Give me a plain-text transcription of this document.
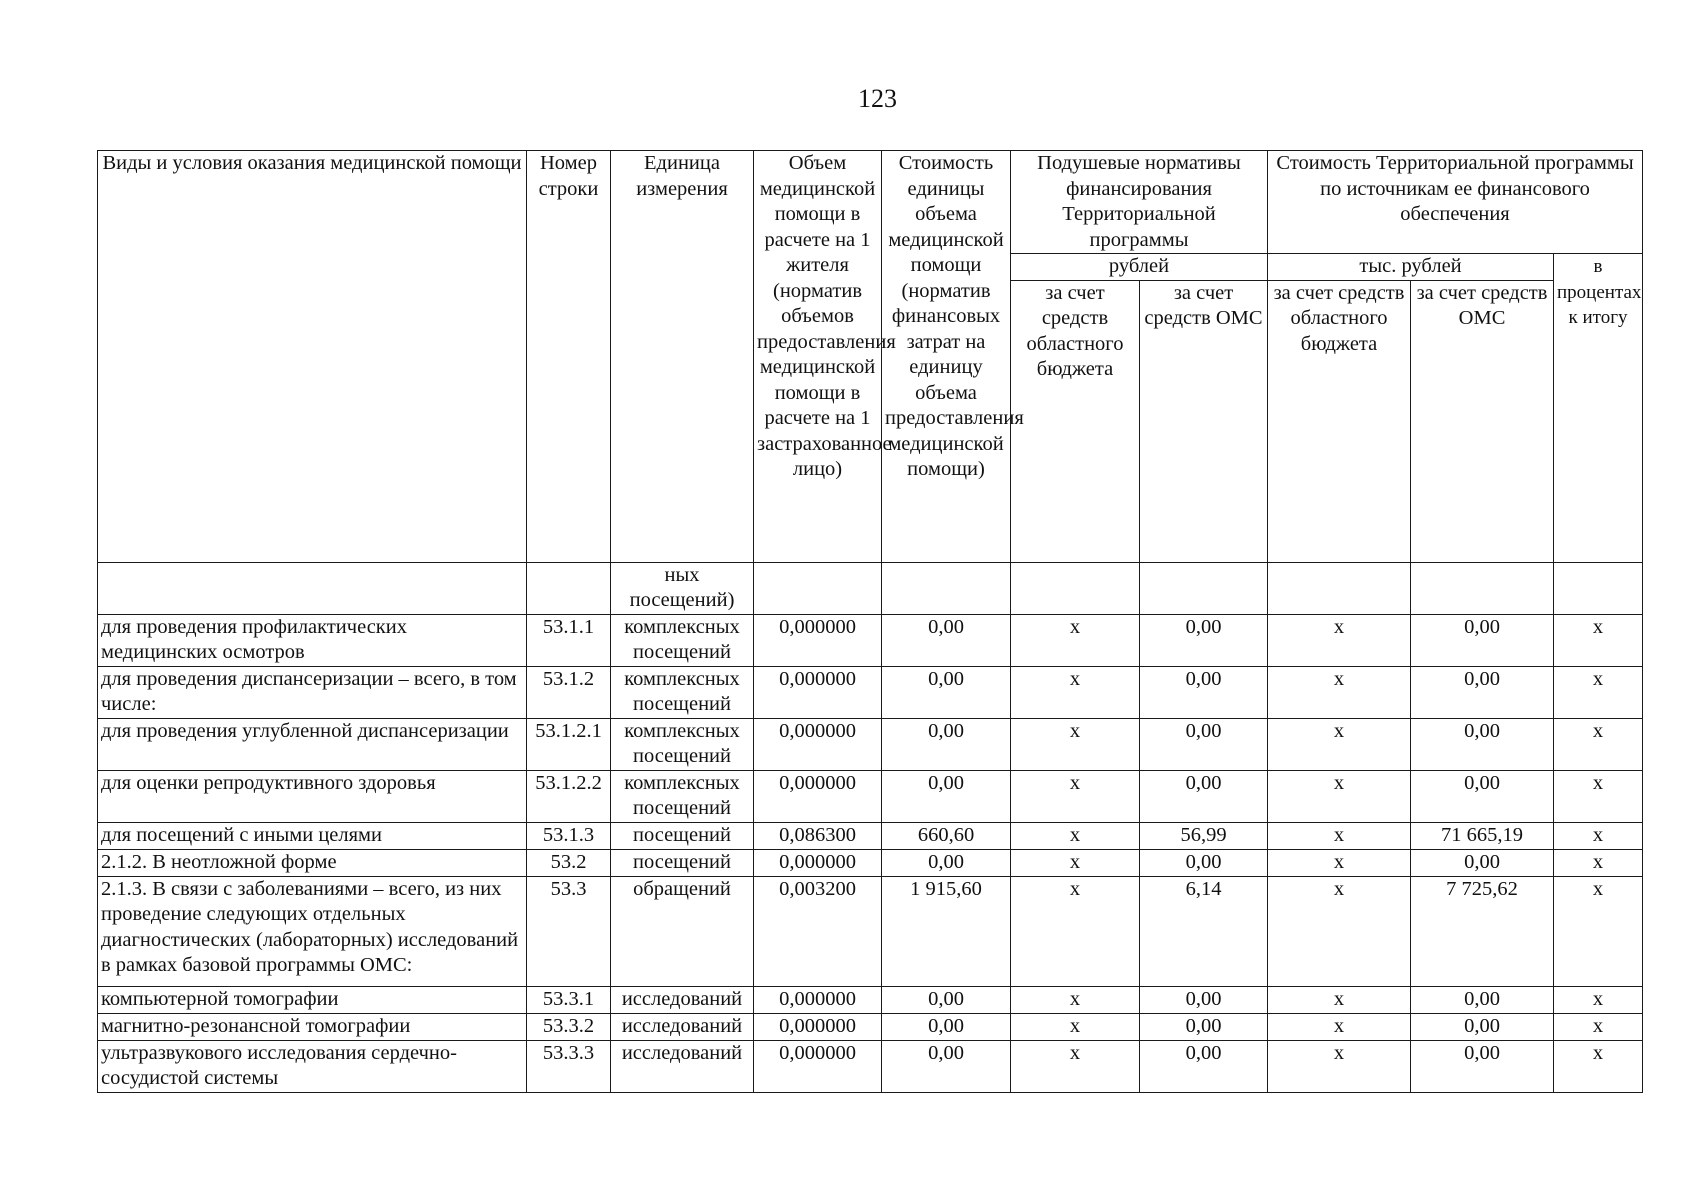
123
Виды и условия оказания медицинской помощи	Номер строки	Единица измерения	Объем медицинской помощи в расчете на 1 жителя (норматив объемов предоставления медицинской помощи в расчете на 1 застрахованное лицо)	Стоимость единицы объема медицинской помощи (норматив финансовых затрат на единицу объема предоставления медицинской помощи)	Подушевые нормативы финансирования Территориальной программы		Стоимость Территориальной программы по источникам ее финансового обеспечения		
					рублей		тыс. рублей		в процентах к итогу
					за счет средств областного бюджета	за счет средств ОМС	за счет средств областного бюджета	за счет средств ОМС	
		ных посещений)							
для проведения профилактических медицинских осмотров	53.1.1	комплексных посещений	0,000000	0,00	х	0,00	х	0,00	х
для проведения диспансеризации – всего, в том числе:	53.1.2	комплексных посещений	0,000000	0,00	х	0,00	х	0,00	х
для проведения углубленной диспансеризации	53.1.2.1	комплексных посещений	0,000000	0,00	х	0,00	х	0,00	х
для оценки репродуктивного здоровья	53.1.2.2	комплексных посещений	0,000000	0,00	х	0,00	х	0,00	х
для посещений с иными целями	53.1.3	посещений	0,086300	660,60	х	56,99	х	71 665,19	х
2.1.2. В неотложной форме	53.2	посещений	0,000000	0,00	х	0,00	х	0,00	х
2.1.3. В связи с заболеваниями – всего, из них проведение следующих отдельных диагностических (лабораторных) исследований в рамках базовой программы ОМС:	53.3	обращений	0,003200	1 915,60	х	6,14	х	7 725,62	х
компьютерной томографии	53.3.1	исследований	0,000000	0,00	х	0,00	х	0,00	х
магнитно-резонансной томографии	53.3.2	исследований	0,000000	0,00	х	0,00	х	0,00	х
ультразвукового исследования сердечно-сосудистой системы	53.3.3	исследований	0,000000	0,00	х	0,00	х	0,00	х
